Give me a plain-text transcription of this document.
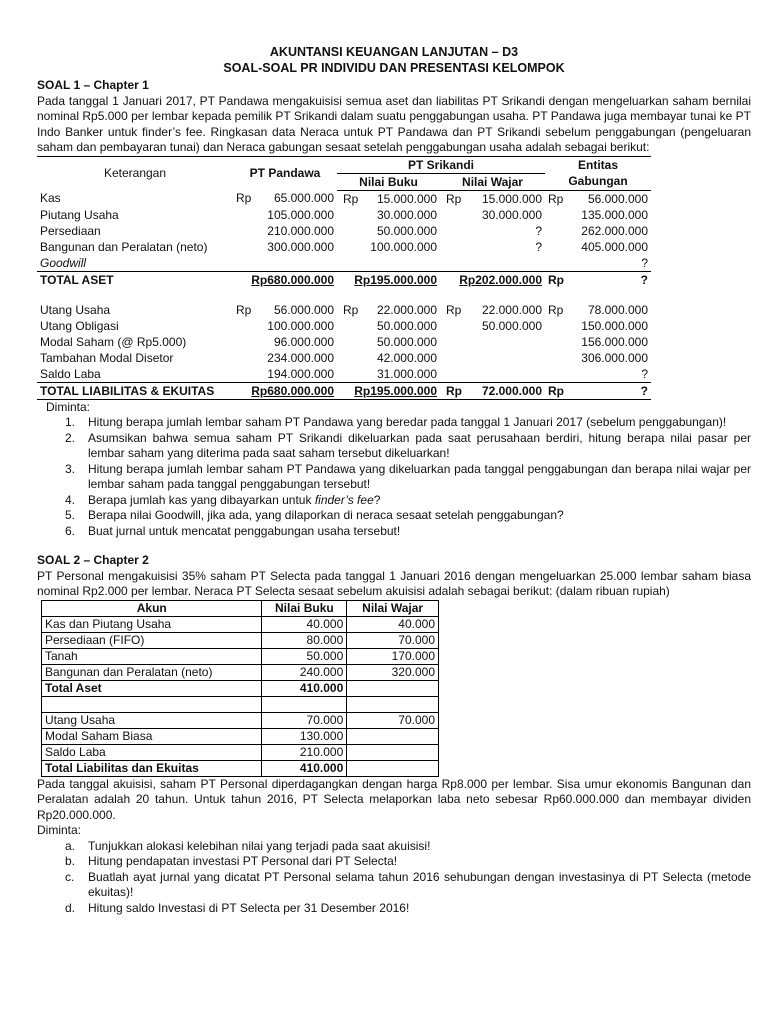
AKUNTANSI KEUANGAN LANJUTAN – D3
SOAL-SOAL PR INDIVIDU DAN PRESENTASI KELOMPOK
SOAL 1 – Chapter 1

Pada tanggal 1 Januari 2017, PT Pandawa mengakuisisi semua aset dan liabilitas PT Srikandi dengan mengeluarkan saham bernilai nominal Rp5.000 per lembar kepada pemilik PT Srikandi dalam suatu penggabungan usaha. PT Pandawa juga membayar tunai ke PT Indo Banker untuk finder’s fee. Ringkasan data Neraca untuk PT Pandawa dan PT Srikandi sebelum penggabungan (pengeluaran saham dan pembayaran tunai) dan Neraca gabungan sesaat setelah penggabungan usaha adalah sebagai berikut:

Keterangan	PT Pandawa	PT Srikandi		Entitas
		Nilai Buku	Nilai Wajar	Gabungan
Kas	Rp 65.000.000	Rp 15.000.000	Rp 15.000.000	Rp 56.000.000
Piutang Usaha	105.000.000	30.000.000	30.000.000	135.000.000
Persediaan	210.000.000	50.000.000	?	262.000.000
Bangunan dan Peralatan (neto)	300.000.000	100.000.000	?	405.000.000
Goodwill				?
TOTAL ASET	Rp680.000.000	Rp195.000.000	Rp202.000.000	Rp ?

Utang Usaha	Rp 56.000.000	Rp 22.000.000	Rp 22.000.000	Rp 78.000.000
Utang Obligasi	100.000.000	50.000.000	50.000.000	150.000.000
Modal Saham (@ Rp5.000)	96.000.000	50.000.000		156.000.000
Tambahan Modal Disetor	234.000.000	42.000.000		306.000.000
Saldo Laba	194.000.000	31.000.000		?
TOTAL LIABILITAS & EKUITAS	Rp680.000.000	Rp195.000.000	Rp 72.000.000	Rp ?
Diminta:
1. Hitung berapa jumlah lembar saham PT Pandawa yang beredar pada tanggal 1 Januari 2017 (sebelum penggabungan)!
2. Asumsikan bahwa semua saham PT Srikandi dikeluarkan pada saat perusahaan berdiri, hitung berapa nilai pasar per lembar saham yang diterima pada saat saham tersebut dikeluarkan!
3. Hitung berapa jumlah lembar saham PT Pandawa yang dikeluarkan pada tanggal penggabungan dan berapa nilai wajar per lembar saham pada tanggal penggabungan tersebut!
4. Berapa jumlah kas yang dibayarkan untuk finder’s fee?
5. Berapa nilai Goodwill, jika ada, yang dilaporkan di neraca sesaat setelah penggabungan?
6. Buat jurnal untuk mencatat penggabungan usaha tersebut!
SOAL 2 – Chapter 2

PT Personal mengakuisisi 35% saham PT Selecta pada tanggal 1 Januari 2016 dengan mengeluarkan 25.000 lembar saham biasa nominal Rp2.000 per lembar. Neraca PT Selecta sesaat sebelum akuisisi adalah sebagai berikut: (dalam ribuan rupiah)

Akun	Nilai Buku	Nilai Wajar
Kas dan Piutang Usaha	40.000	40.000
Persediaan (FIFO)	80.000	70.000
Tanah	50.000	170.000
Bangunan dan Peralatan (neto)	240.000	320.000
Total Aset	410.000	

Utang Usaha	70.000	70.000
Modal Saham Biasa	130.000	
Saldo Laba	210.000	
Total Liabilitas dan Ekuitas	410.000	

Pada tanggal akuisisi, saham PT Personal diperdagangkan dengan harga Rp8.000 per lembar. Sisa umur ekonomis Bangunan dan Peralatan adalah 20 tahun. Untuk tahun 2016, PT Selecta melaporkan laba neto sebesar Rp60.000.000 dan membayar dividen Rp20.000.000.

Diminta:
a. Tunjukkan alokasi kelebihan nilai yang terjadi pada saat akuisisi!
b. Hitung pendapatan investasi PT Personal dari PT Selecta!
c. Buatlah ayat jurnal yang dicatat PT Personal selama tahun 2016 sehubungan dengan investasinya di PT Selecta (metode ekuitas)!
d. Hitung saldo Investasi di PT Selecta per 31 Desember 2016!
